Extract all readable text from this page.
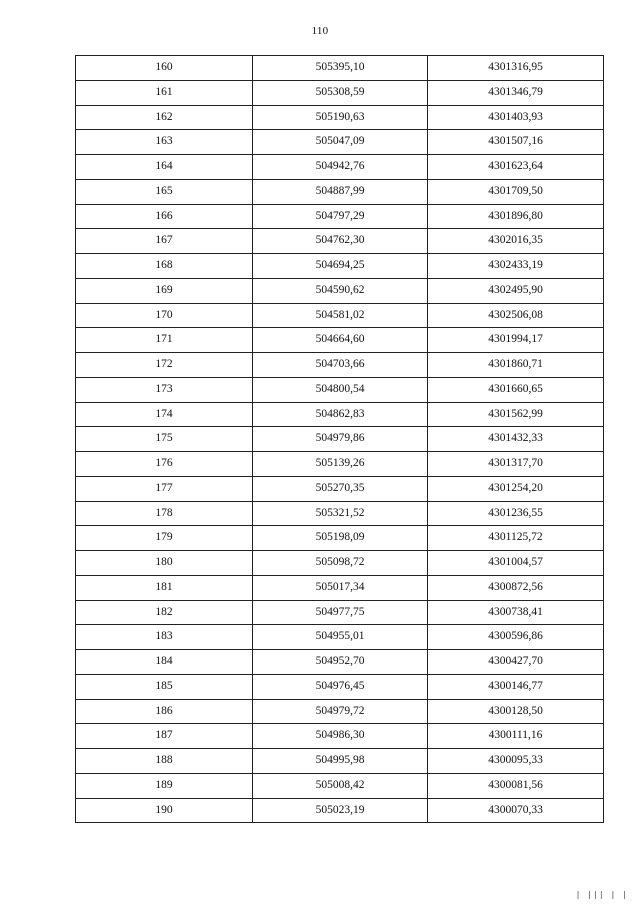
110
160	505395,10	4301316,95
161	505308,59	4301346,79
162	505190,63	4301403,93
163	505047,09	4301507,16
164	504942,76	4301623,64
165	504887,99	4301709,50
166	504797,29	4301896,80
167	504762,30	4302016,35
168	504694,25	4302433,19
169	504590,62	4302495,90
170	504581,02	4302506,08
171	504664,60	4301994,17
172	504703,66	4301860,71
173	504800,54	4301660,65
174	504862,83	4301562,99
175	504979,86	4301432,33
176	505139,26	4301317,70
177	505270,35	4301254,20
178	505321,52	4301236,55
179	505198,09	4301125,72
180	505098,72	4301004,57
181	505017,34	4300872,56
182	504977,75	4300738,41
183	504955,01	4300596,86
184	504952,70	4300427,70
185	504976,45	4300146,77
186	504979,72	4300128,50
187	504986,30	4300111,16
188	504995,98	4300095,33
189	505008,42	4300081,56
190	505023,19	4300070,33
| ||| | |
